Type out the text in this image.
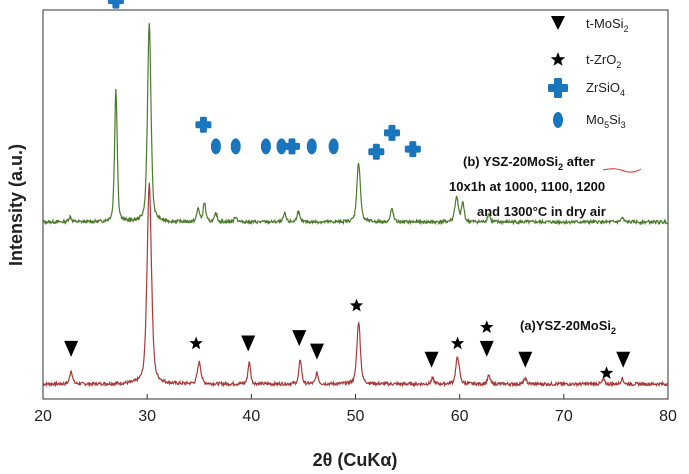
20	30	40	50	60	70	80
2θ (CuKα)
Intensity (a.u.)
t-MoSi$_2$
t-ZrO$_2$
ZrSiO$_4$
$Mo_5Si_3$
(b) YSZ-20MoSi$_2$ after
10x1h at 1000, 1100, 1200
and 1300°C in dry air
(a)YSZ-20MoSi$_2$
